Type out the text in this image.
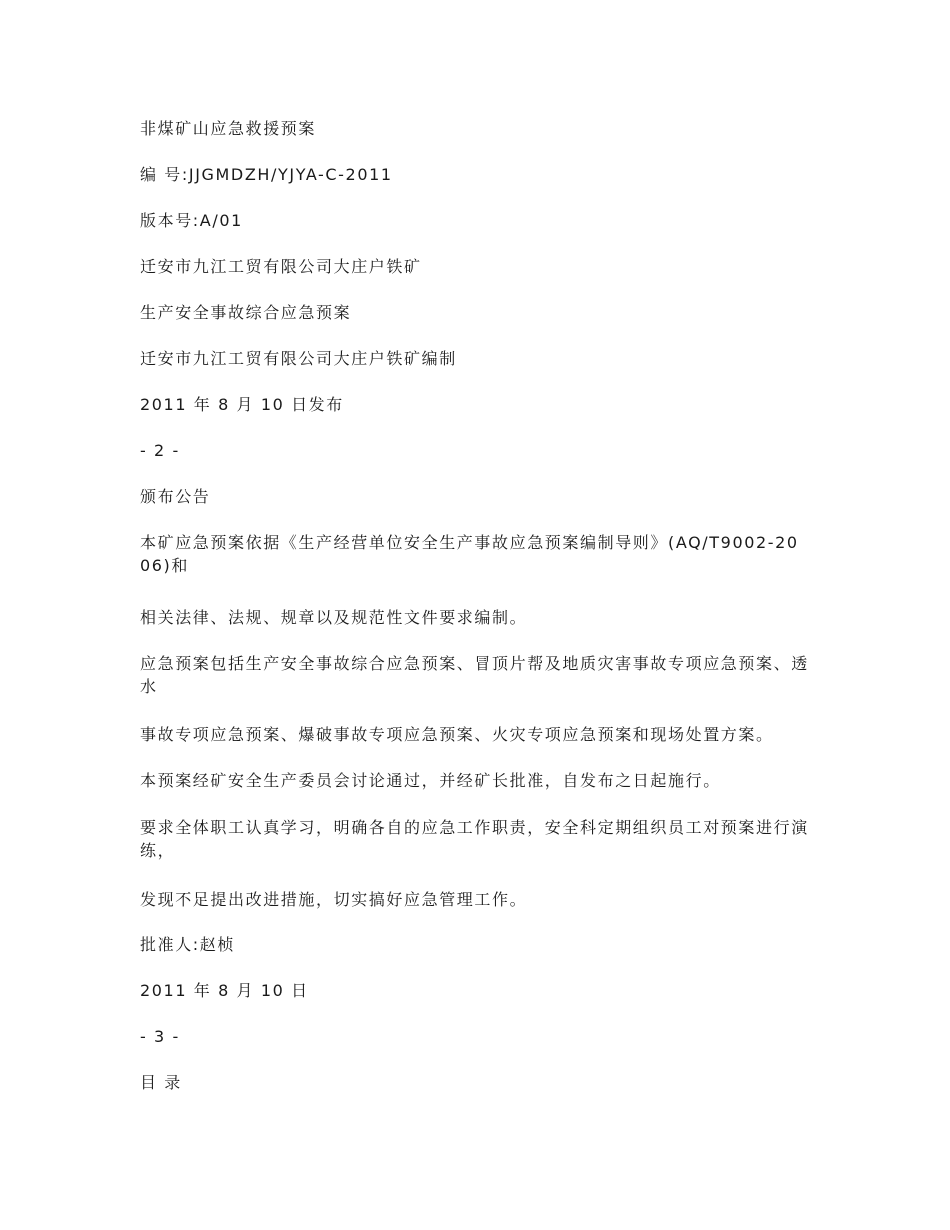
非煤矿山应急救援预案

编 号:JJGMDZH/YJYA-C-2011

版本号:A/01

迁安市九江工贸有限公司大庄户铁矿

生产安全事故综合应急预案

迁安市九江工贸有限公司大庄户铁矿编制

2011 年 8 月 10 日发布

- 2 -

颁布公告

本矿应急预案依据《生产经营单位安全生产事故应急预案编制导则》(AQ/T9002-2006)和

相关法律、法规、规章以及规范性文件要求编制。

应急预案包括生产安全事故综合应急预案、冒顶片帮及地质灾害事故专项应急预案、透水

事故专项应急预案、爆破事故专项应急预案、火灾专项应急预案和现场处置方案。

本预案经矿安全生产委员会讨论通过，并经矿长批准，自发布之日起施行。

要求全体职工认真学习，明确各自的应急工作职责，安全科定期组织员工对预案进行演练，

发现不足提出改进措施，切实搞好应急管理工作。

批准人:赵桢

2011 年 8 月 10 日

- 3 -

目 录
